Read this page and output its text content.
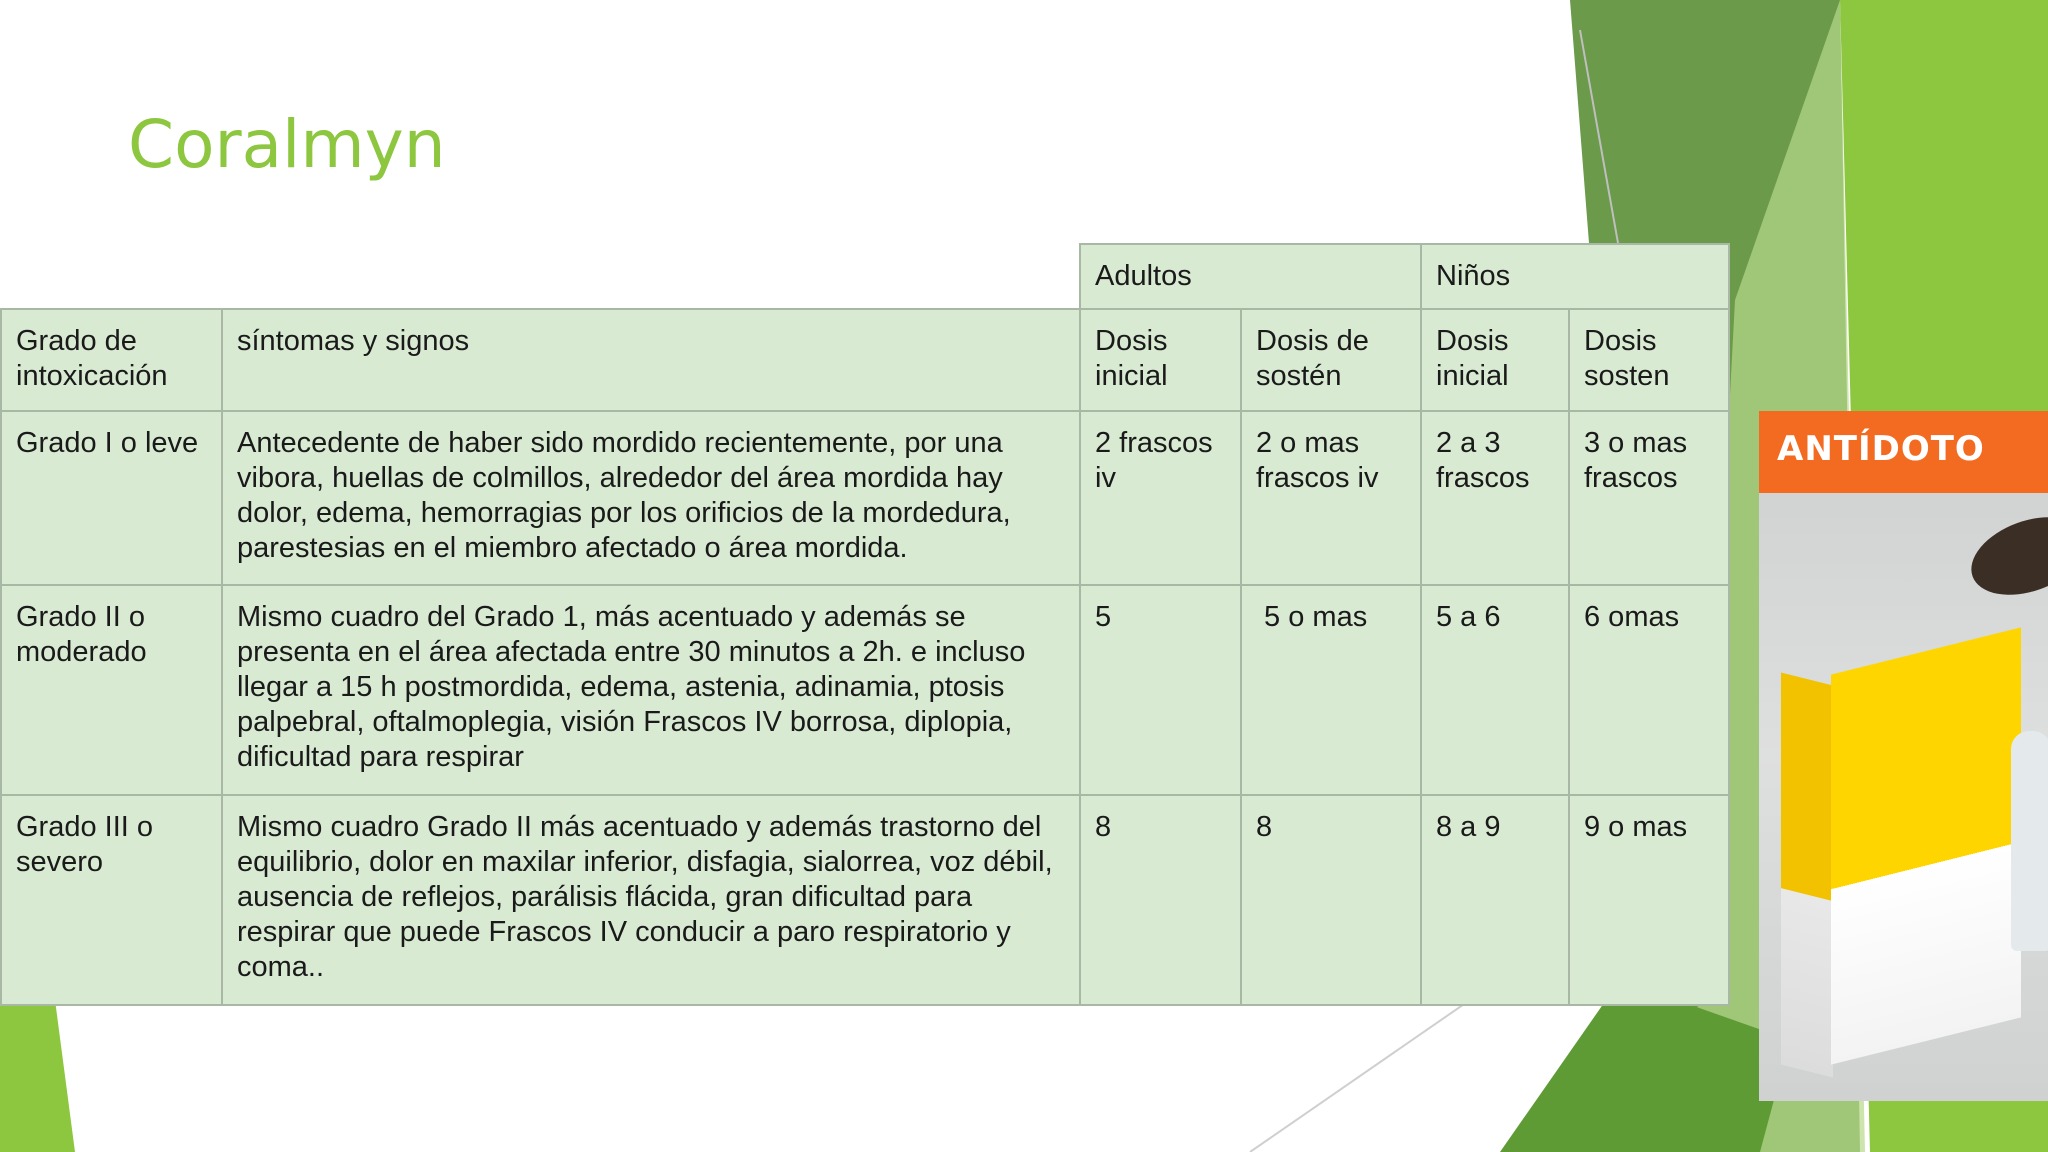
Coralmyn
		Adultos		Niños	
Grado de intoxicación	síntomas y signos	Dosis inicial	Dosis de sostén	Dosis inicial	Dosis sosten
Grado I o leve	Antecedente de haber sido mordido recientemente, por una vibora, huellas de colmillos, alrededor del área mordida hay dolor, edema, hemorragias por los orificios de la mordedura, parestesias en el miembro afectado o área mordida.	2 frascos iv	2 o mas frascos iv	2 a 3 frascos	3 o mas frascos
Grado II o moderado	Mismo cuadro del Grado 1, más acentuado y además se presenta en el área afectada entre 30 minutos a 2h. e incluso llegar a 15 h postmordida, edema, astenia, adinamia, ptosis palpebral, oftalmoplegia, visión Frascos IV borrosa, diplopia, dificultad para respirar	5	5 o mas	5 a 6	6 omas
Grado III o severo	Mismo cuadro Grado II más acentuado y además trastorno del equilibrio, dolor en maxilar inferior, disfagia, sialorrea, voz débil, ausencia de reflejos, parálisis flácida, gran dificultad para respirar que puede Frascos IV conducir a paro respiratorio y coma..	8	8	8 a 9	9 o mas
ANTÍDOTO
